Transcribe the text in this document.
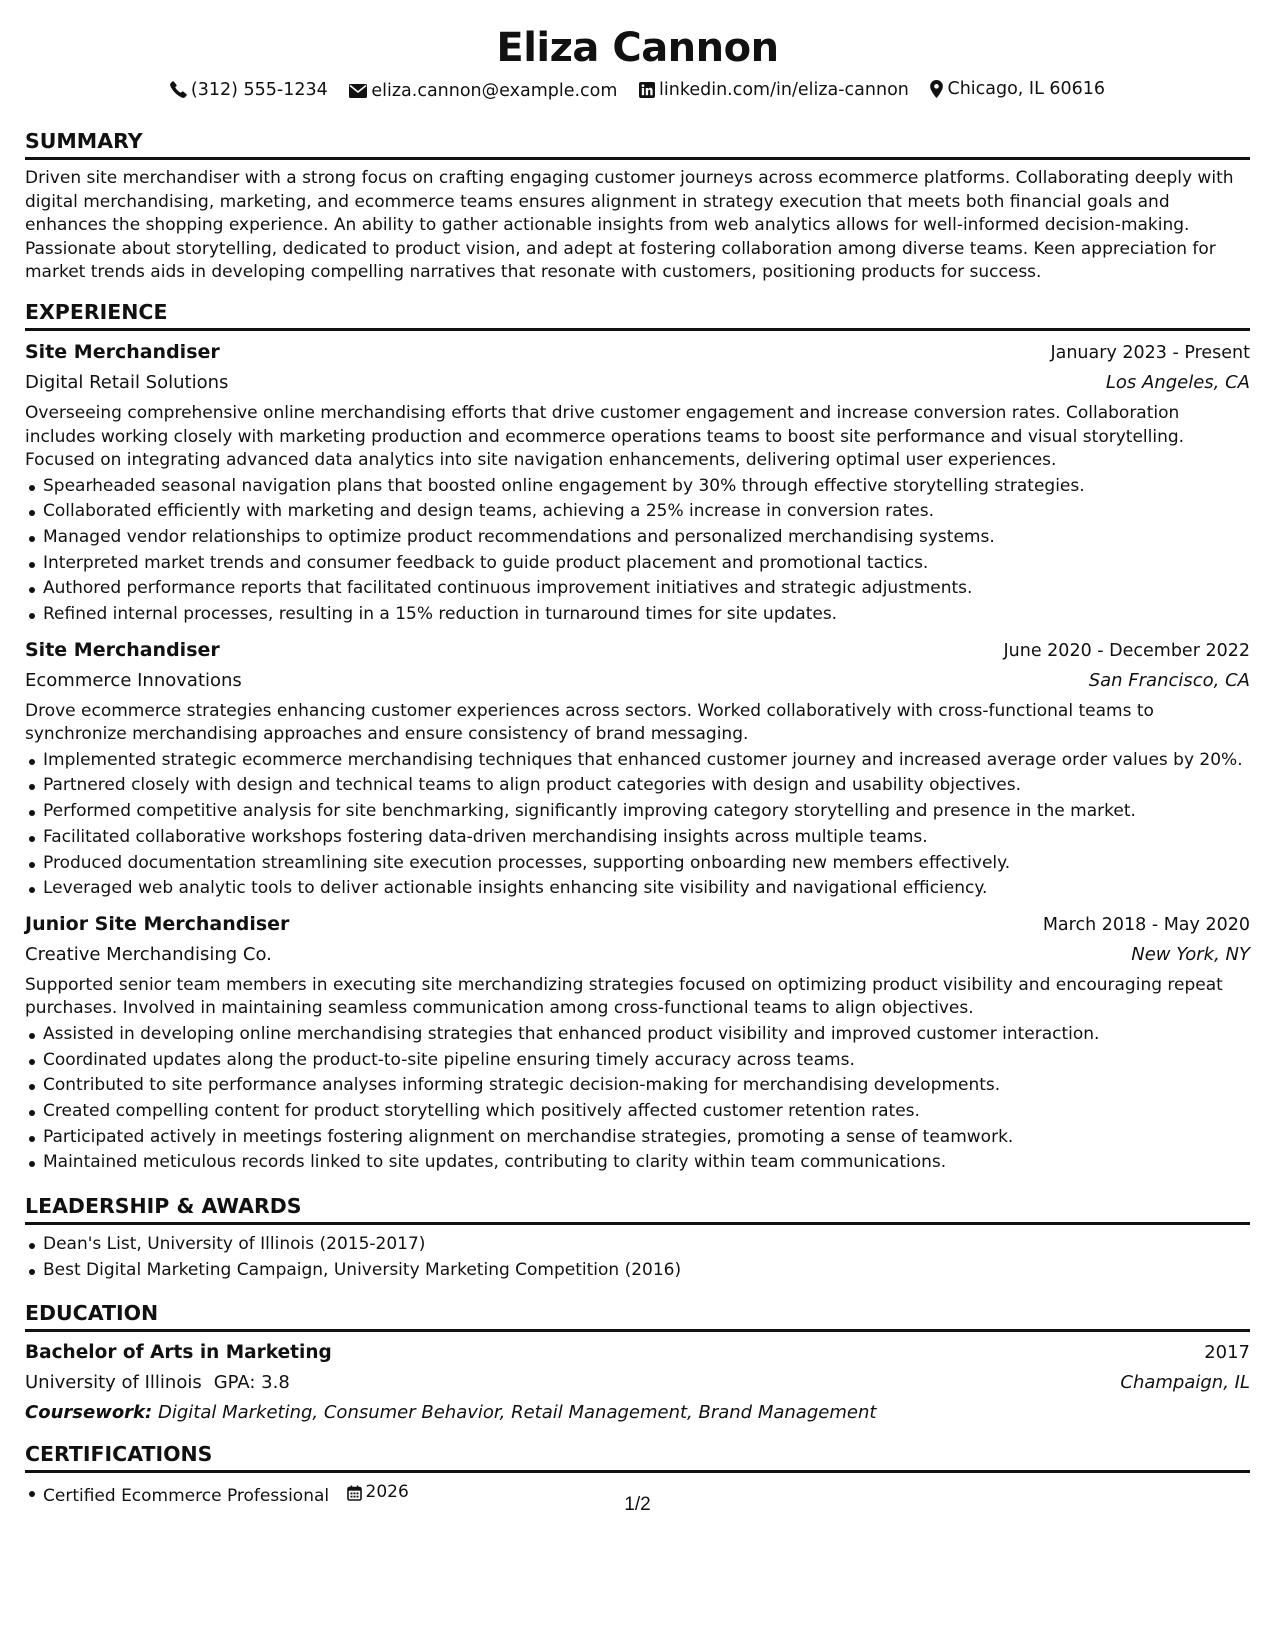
Eliza Cannon
(312) 555-1234
eliza.cannon@example.com
linkedin.com/in/eliza-cannon
Chicago, IL 60616
SUMMARY

Driven site merchandiser with a strong focus on crafting engaging customer journeys across ecommerce platforms. Collaborating deeply with digital merchandising, marketing, and ecommerce teams ensures alignment in strategy execution that meets both financial goals and enhances the shopping experience. An ability to gather actionable insights from web analytics allows for well-informed decision-making. Passionate about storytelling, dedicated to product vision, and adept at fostering collaboration among diverse teams. Keen appreciation for market trends aids in developing compelling narratives that resonate with customers, positioning products for success.

EXPERIENCE
Site Merchandiser	January 2023 - Present
Digital Retail Solutions	Los Angeles, CA

Overseeing comprehensive online merchandising efforts that drive customer engagement and increase conversion rates. Collaboration includes working closely with marketing production and ecommerce operations teams to boost site performance and visual storytelling. Focused on integrating advanced data analytics into site navigation enhancements, delivering optimal user experiences.

Spearheaded seasonal navigation plans that boosted online engagement by 30% through effective storytelling strategies.
Collaborated efficiently with marketing and design teams, achieving a 25% increase in conversion rates.
Managed vendor relationships to optimize product recommendations and personalized merchandising systems.
Interpreted market trends and consumer feedback to guide product placement and promotional tactics.
Authored performance reports that facilitated continuous improvement initiatives and strategic adjustments.
Refined internal processes, resulting in a 15% reduction in turnaround times for site updates.
Site Merchandiser	June 2020 - December 2022
Ecommerce Innovations	San Francisco, CA

Drove ecommerce strategies enhancing customer experiences across sectors. Worked collaboratively with cross-functional teams to synchronize merchandising approaches and ensure consistency of brand messaging.

Implemented strategic ecommerce merchandising techniques that enhanced customer journey and increased average order values by 20%.
Partnered closely with design and technical teams to align product categories with design and usability objectives.
Performed competitive analysis for site benchmarking, significantly improving category storytelling and presence in the market.
Facilitated collaborative workshops fostering data-driven merchandising insights across multiple teams.
Produced documentation streamlining site execution processes, supporting onboarding new members effectively.
Leveraged web analytic tools to deliver actionable insights enhancing site visibility and navigational efficiency.
Junior Site Merchandiser	March 2018 - May 2020
Creative Merchandising Co.	New York, NY

Supported senior team members in executing site merchandizing strategies focused on optimizing product visibility and encouraging repeat purchases. Involved in maintaining seamless communication among cross-functional teams to align objectives.

Assisted in developing online merchandising strategies that enhanced product visibility and improved customer interaction.
Coordinated updates along the product-to-site pipeline ensuring timely accuracy across teams.
Contributed to site performance analyses informing strategic decision-making for merchandising developments.
Created compelling content for product storytelling which positively affected customer retention rates.
Participated actively in meetings fostering alignment on merchandise strategies, promoting a sense of teamwork.
Maintained meticulous records linked to site updates, contributing to clarity within team communications.
LEADERSHIP & AWARDS
Dean's List, University of Illinois (2015-2017)
Best Digital Marketing Campaign, University Marketing Competition (2016)
EDUCATION
Bachelor of Arts in Marketing	2017
University of Illinois GPA: 3.8	Champaign, IL
Coursework: Digital Marketing, Consumer Behavior, Retail Management, Brand Management
CERTIFICATIONS
Certified Ecommerce Professional 2026
1/2
